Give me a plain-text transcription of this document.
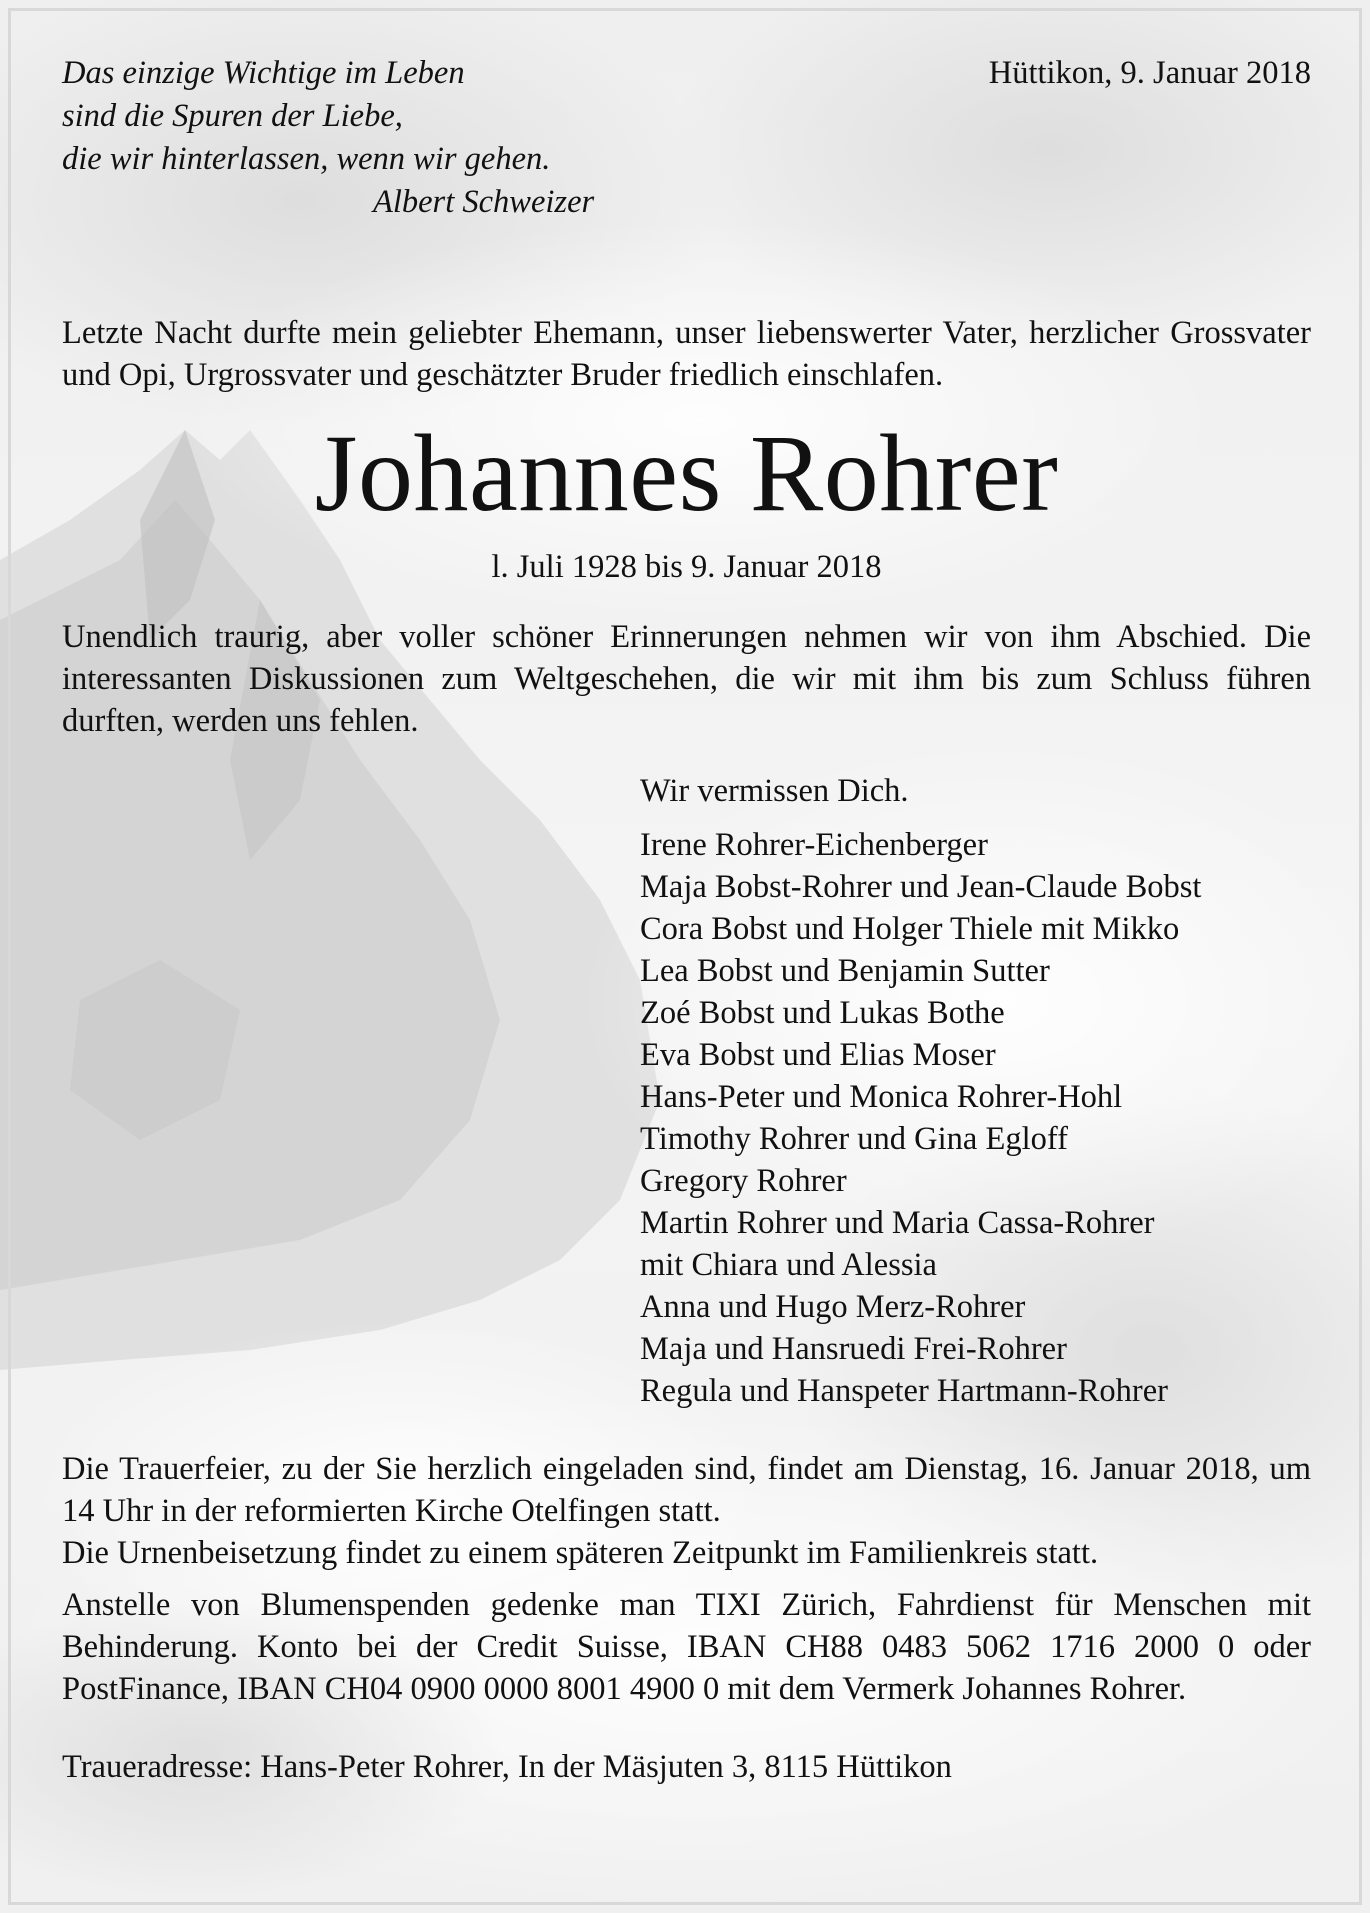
Das einzige Wichtige im Leben
sind die Spuren der Liebe,
die wir hinterlassen, wenn wir gehen.
Albert Schweizer
Hüttikon, 9. Januar 2018
Letzte Nacht durfte mein geliebter Ehemann, unser liebenswerter Vater, herzlicher Grossvater und Opi, Urgrossvater und geschätzter Bruder friedlich einschlafen.
Johannes Rohrer
l. Juli 1928 bis 9. Januar 2018
Unendlich traurig, aber voller schöner Erinnerungen nehmen wir von ihm Abschied. Die interessanten Diskussionen zum Weltgeschehen, die wir mit ihm bis zum Schluss führen durften, werden uns fehlen.
Wir vermissen Dich.
Irene Rohrer-Eichenberger
Maja Bobst-Rohrer und Jean-Claude Bobst
Cora Bobst und Holger Thiele mit Mikko
Lea Bobst und Benjamin Sutter
Zoé Bobst und Lukas Bothe
Eva Bobst und Elias Moser
Hans-Peter und Monica Rohrer-Hohl
Timothy Rohrer und Gina Egloff
Gregory Rohrer
Martin Rohrer und Maria Cassa-Rohrer
mit Chiara und Alessia
Anna und Hugo Merz-Rohrer
Maja und Hansruedi Frei-Rohrer
Regula und Hanspeter Hartmann-Rohrer
Die Trauerfeier, zu der Sie herzlich eingeladen sind, findet am Dienstag, 16. Januar 2018, um 14 Uhr in der reformierten Kirche Otelfingen statt.
Die Urnenbeisetzung findet zu einem späteren Zeitpunkt im Familienkreis statt.
Anstelle von Blumenspenden gedenke man TIXI Zürich, Fahrdienst für Menschen mit Behinderung. Konto bei der Credit Suisse, IBAN CH88 0483 5062 1716 2000 0 oder PostFinance, IBAN CH04 0900 0000 8001 4900 0 mit dem Vermerk Johannes Rohrer.
Traueradresse: Hans-Peter Rohrer, In der Mäsjuten 3, 8115 Hüttikon
